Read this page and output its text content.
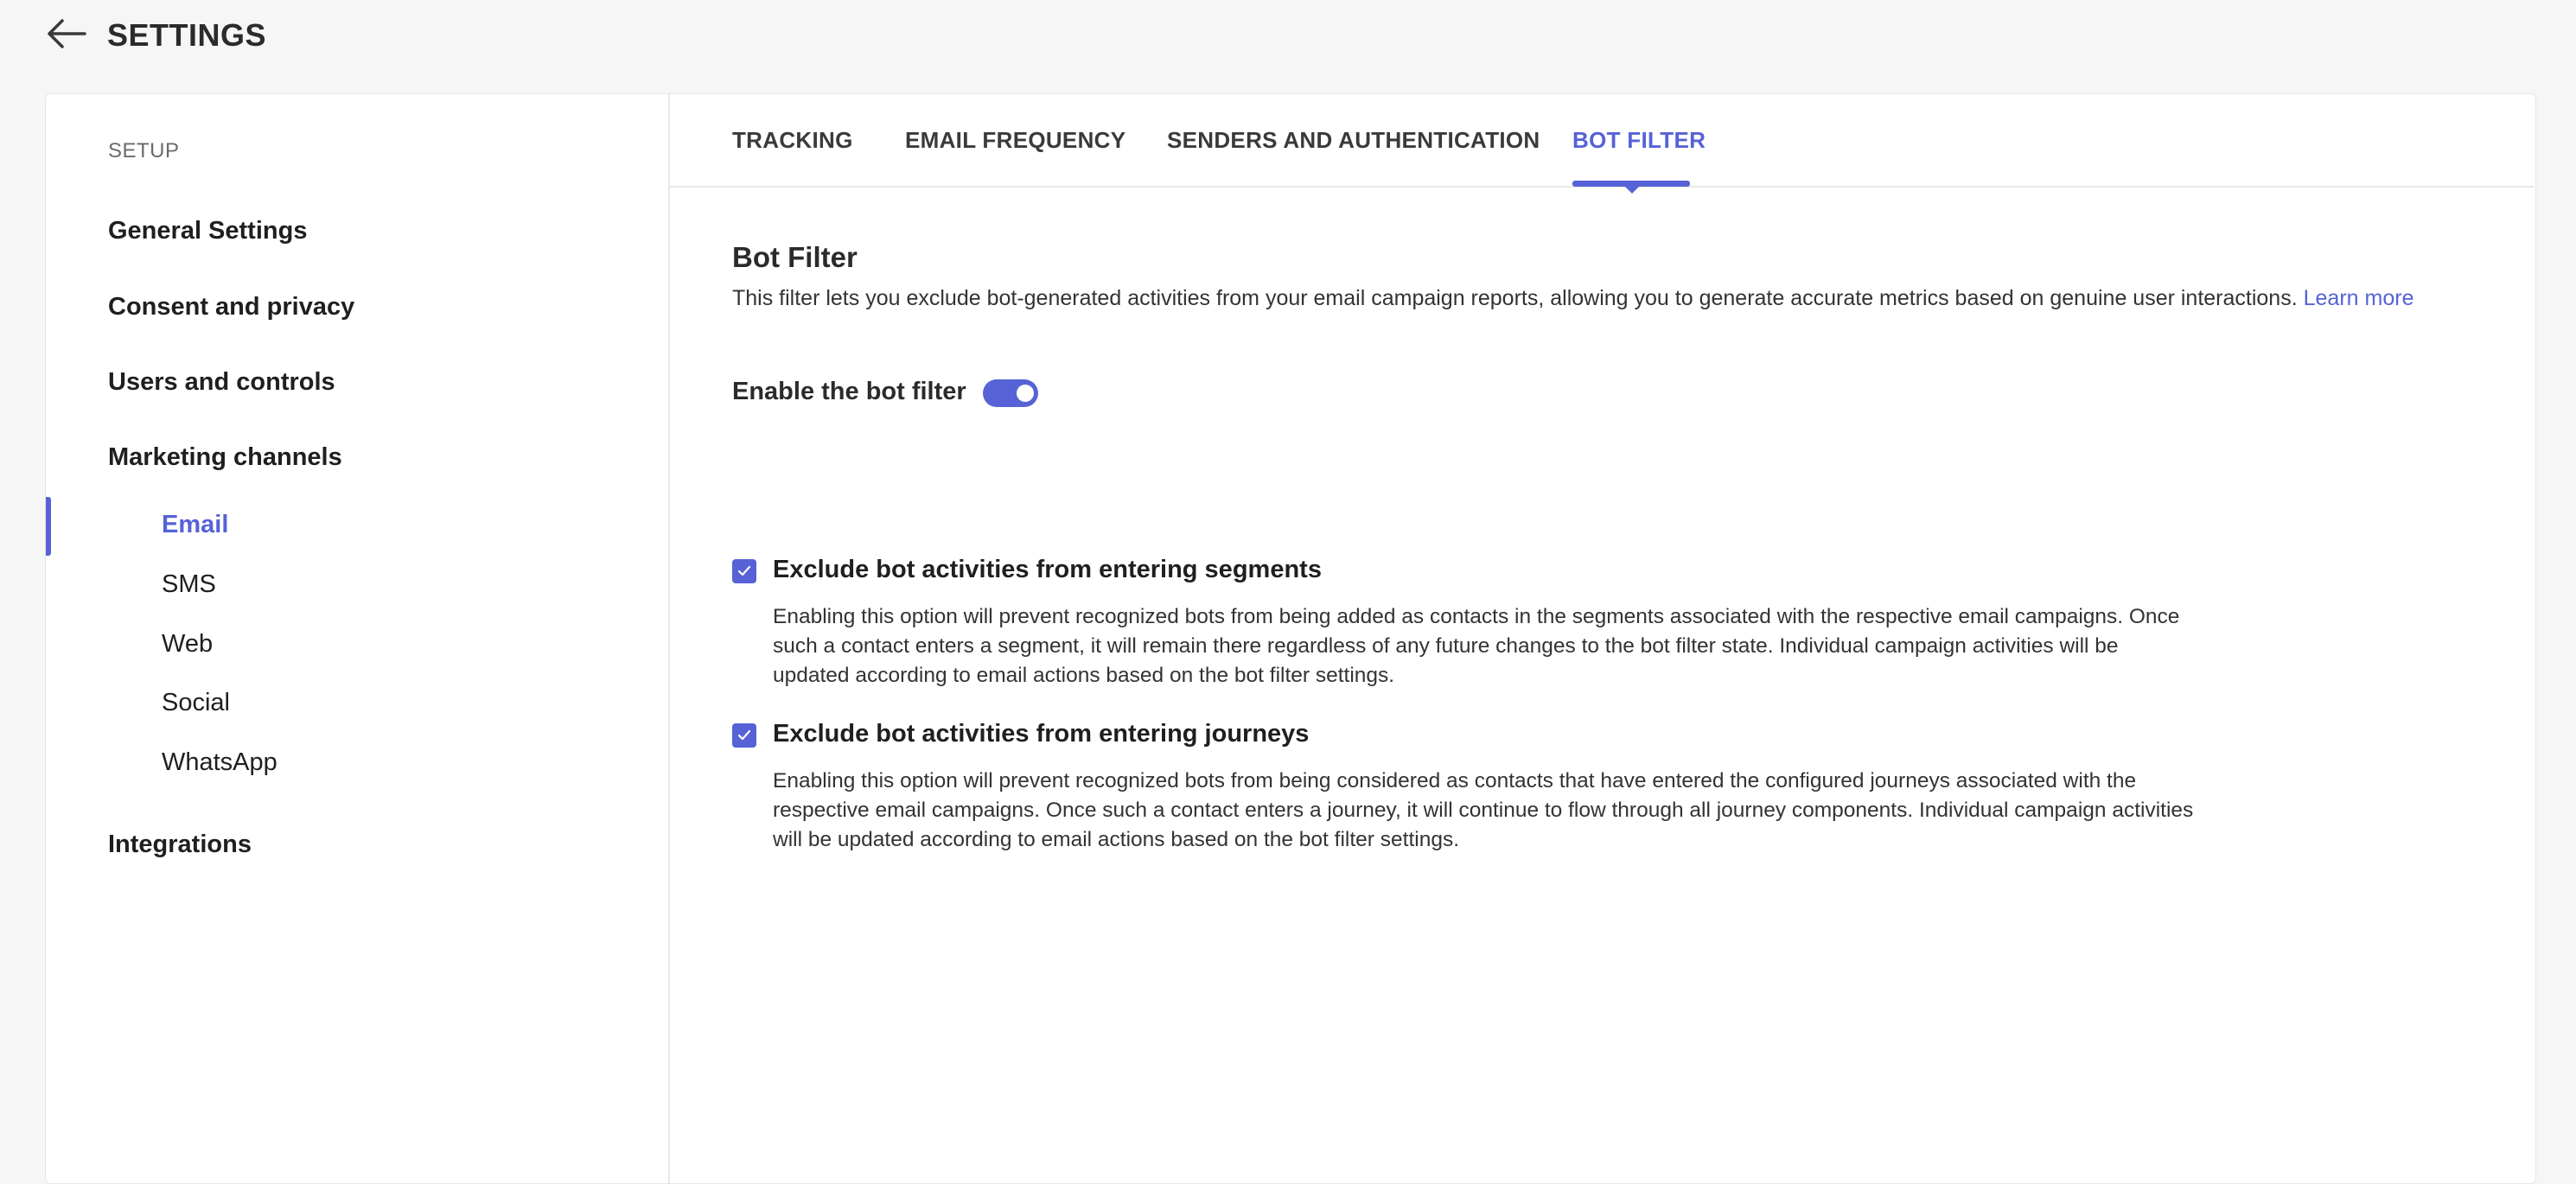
SETTINGS
SETUP
General Settings
Consent and privacy
Users and controls
Marketing channels
Email
SMS
Web
Social
WhatsApp
Integrations
TRACKING EMAIL FREQUENCY SENDERS AND AUTHENTICATION BOT FILTER
Bot Filter
This filter lets you exclude bot-generated activities from your email campaign reports, allowing you to generate accurate metrics based on genuine user interactions. Learn more
Enable the bot filter
Exclude bot activities from entering segments
Enabling this option will prevent recognized bots from being added as contacts in the segments associated with the respective email campaigns. Once
such a contact enters a segment, it will remain there regardless of any future changes to the bot filter state. Individual campaign activities will be
updated according to email actions based on the bot filter settings.
Exclude bot activities from entering journeys
Enabling this option will prevent recognized bots from being considered as contacts that have entered the configured journeys associated with the
respective email campaigns. Once such a contact enters a journey, it will continue to flow through all journey components. Individual campaign activities
will be updated according to email actions based on the bot filter settings.
